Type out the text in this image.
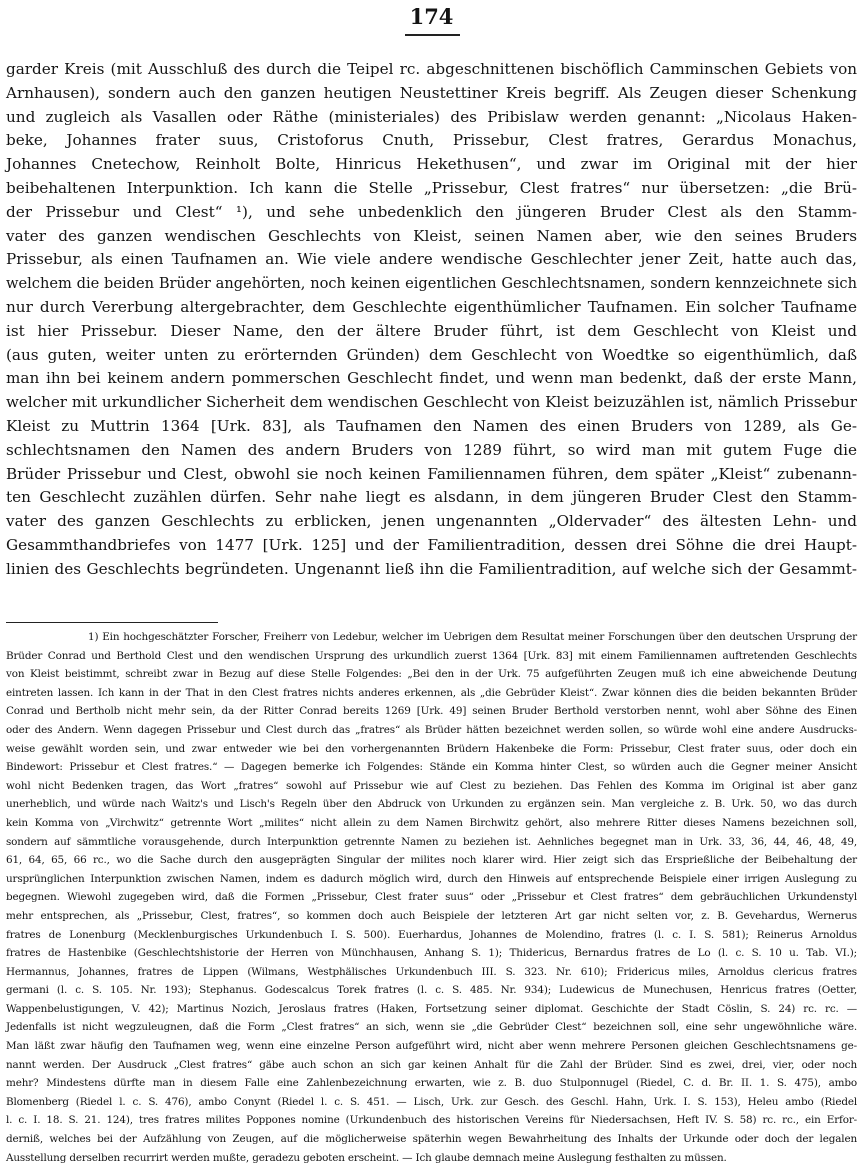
174
garder Kreis (mit Ausschluß des durch die Teipel rc. abgeschnittenen bischöflich Camminschen Gebiets von
Arnhausen), sondern auch den ganzen heutigen Neustettiner Kreis begriff. Als Zeugen dieser Schenkung
und zugleich als Vasallen oder Räthe (ministeriales) des Pribislaw werden genannt: „Nicolaus Haken-
beke, Johannes frater suus, Cristoforus Cnuth, Prissebur, Clest fratres, Gerardus Monachus,
Johannes Cnetechow, Reinholt Bolte, Hinricus Hekethusen“, und zwar im Original mit der hier
beibehaltenen Interpunktion. Ich kann die Stelle „Prissebur, Clest fratres“ nur übersetzen: „die Brü-
der Prissebur und Clest“ ¹), und sehe unbedenklich den jüngeren Bruder Clest als den Stamm-
vater des ganzen wendischen Geschlechts von Kleist, seinen Namen aber, wie den seines Bruders
Prissebur, als einen Taufnamen an. Wie viele andere wendische Geschlechter jener Zeit, hatte auch das,
welchem die beiden Brüder angehörten, noch keinen eigentlichen Geschlechtsnamen, sondern kennzeichnete sich
nur durch Vererbung altergebrachter, dem Geschlechte eigenthümlicher Taufnamen. Ein solcher Taufname
ist hier Prissebur. Dieser Name, den der ältere Bruder führt, ist dem Geschlecht von Kleist und
(aus guten, weiter unten zu erörternden Gründen) dem Geschlecht von Woedtke so eigenthümlich, daß
man ihn bei keinem andern pommerschen Geschlecht findet, und wenn man bedenkt, daß der erste Mann,
welcher mit urkundlicher Sicherheit dem wendischen Geschlecht von Kleist beizuzählen ist, nämlich Prissebur
Kleist zu Muttrin 1364 [Urk. 83], als Taufnamen den Namen des einen Bruders von 1289, als Ge-
schlechtsnamen den Namen des andern Bruders von 1289 führt, so wird man mit gutem Fuge die
Brüder Prissebur und Clest, obwohl sie noch keinen Familiennamen führen, dem später „Kleist“ zubenann-
ten Geschlecht zuzählen dürfen. Sehr nahe liegt es alsdann, in dem jüngeren Bruder Clest den Stamm-
vater des ganzen Geschlechts zu erblicken, jenen ungenannten „Oldervader“ des ältesten Lehn- und
Gesammthandbriefes von 1477 [Urk. 125] und der Familientradition, dessen drei Söhne die drei Haupt-
linien des Geschlechts begründeten. Ungenannt ließ ihn die Familientradition, auf welche sich der Gesammt-
1) Ein hochgeschätzter Forscher, Freiherr von Ledebur, welcher im Uebrigen dem Resultat meiner Forschungen über den deutschen Ursprung der
Brüder Conrad und Berthold Clest und den wendischen Ursprung des urkundlich zuerst 1364 [Urk. 83] mit einem Familiennamen auftretenden Geschlechts
von Kleist beistimmt, schreibt zwar in Bezug auf diese Stelle Folgendes: „Bei den in der Urk. 75 aufgeführten Zeugen muß ich eine abweichende Deutung
eintreten lassen. Ich kann in der That in den Clest fratres nichts anderes erkennen, als „die Gebrüder Kleist“. Zwar können dies die beiden bekannten Brüder
Conrad und Bertholb nicht mehr sein, da der Ritter Conrad bereits 1269 [Urk. 49] seinen Bruder Berthold verstorben nennt, wohl aber Söhne des Einen
oder des Andern. Wenn dagegen Prissebur und Clest durch das „fratres“ als Brüder hätten bezeichnet werden sollen, so würde wohl eine andere Ausdrucks-
weise gewählt worden sein, und zwar entweder wie bei den vorhergenannten Brüdern Hakenbeke die Form: Prissebur, Clest frater suus, oder doch ein
Bindewort: Prissebur et Clest fratres.“ — Dagegen bemerke ich Folgendes: Stände ein Komma hinter Clest, so würden auch die Gegner meiner Ansicht
wohl nicht Bedenken tragen, das Wort „fratres“ sowohl auf Prissebur wie auf Clest zu beziehen. Das Fehlen des Komma im Original ist aber ganz
unerheblich, und würde nach Waitz's und Lisch's Regeln über den Abdruck von Urkunden zu ergänzen sein. Man vergleiche z. B. Urk. 50, wo das durch
kein Komma von „Virchwitz“ getrennte Wort „milites“ nicht allein zu dem Namen Birchwitz gehört, also mehrere Ritter dieses Namens bezeichnen soll,
sondern auf sämmtliche vorausgehende, durch Interpunktion getrennte Namen zu beziehen ist. Aehnliches begegnet man in Urk. 33, 36, 44, 46, 48, 49,
61, 64, 65, 66 rc., wo die Sache durch den ausgeprägten Singular der milites noch klarer wird. Hier zeigt sich das Ersprießliche der Beibehaltung der
ursprünglichen Interpunktion zwischen Namen, indem es dadurch möglich wird, durch den Hinweis auf entsprechende Beispiele einer irrigen Auslegung zu
begegnen. Wiewohl zugegeben wird, daß die Formen „Prissebur, Clest frater suus“ oder „Prissebur et Clest fratres“ dem gebräuchlichen Urkundenstyl
mehr entsprechen, als „Prissebur, Clest, fratres“, so kommen doch auch Beispiele der letzteren Art gar nicht selten vor, z. B. Gevehardus, Wernerus
fratres de Lonenburg (Mecklenburgisches Urkundenbuch I. S. 500). Euerhardus, Johannes de Molendino, fratres (l. c. I. S. 581); Reinerus Arnoldus
fratres de Hastenbike (Geschlechtshistorie der Herren von Münchhausen, Anhang S. 1); Thidericus, Bernardus fratres de Lo (l. c. S. 10 u. Tab. VI.);
Hermannus, Johannes, fratres de Lippen (Wilmans, Westphälisches Urkundenbuch III. S. 323. Nr. 610); Fridericus miles, Arnoldus clericus fratres
germani (l. c. S. 105. Nr. 193); Stephanus. Godescalcus Torek fratres (l. c. S. 485. Nr. 934); Ludewicus de Munechusen, Henricus fratres (Oetter,
Wappenbelustigungen, V. 42); Martinus Nozich, Jeroslaus fratres (Haken, Fortsetzung seiner diplomat. Geschichte der Stadt Cöslin, S. 24) rc. rc. —
Jedenfalls ist nicht wegzuleugnen, daß die Form „Clest fratres“ an sich, wenn sie „die Gebrüder Clest“ bezeichnen soll, eine sehr ungewöhnliche wäre.
Man läßt zwar häufig den Taufnamen weg, wenn eine einzelne Person aufgeführt wird, nicht aber wenn mehrere Personen gleichen Geschlechtsnamens ge-
nannt werden. Der Ausdruck „Clest fratres“ gäbe auch schon an sich gar keinen Anhalt für die Zahl der Brüder. Sind es zwei, drei, vier, oder noch
mehr? Mindestens dürfte man in diesem Falle eine Zahlenbezeichnung erwarten, wie z. B. duo Stulponnugel (Riedel, C. d. Br. II. 1. S. 475), ambo
Blomenberg (Riedel l. c. S. 476), ambo Conynt (Riedel l. c. S. 451. — Lisch, Urk. zur Gesch. des Geschl. Hahn, Urk. I. S. 153), Heleu ambo (Riedel
l. c. I. 18. S. 21. 124), tres fratres milites Poppones nomine (Urkundenbuch des historischen Vereins für Niedersachsen, Heft IV. S. 58) rc. rc., ein Erfor-
derniß, welches bei der Aufzählung von Zeugen, auf die möglicherweise späterhin wegen Bewahrheitung des Inhalts der Urkunde oder doch der legalen
Ausstellung derselben recurrirt werden mußte, geradezu geboten erscheint. — Ich glaube demnach meine Auslegung festhalten zu müssen.
